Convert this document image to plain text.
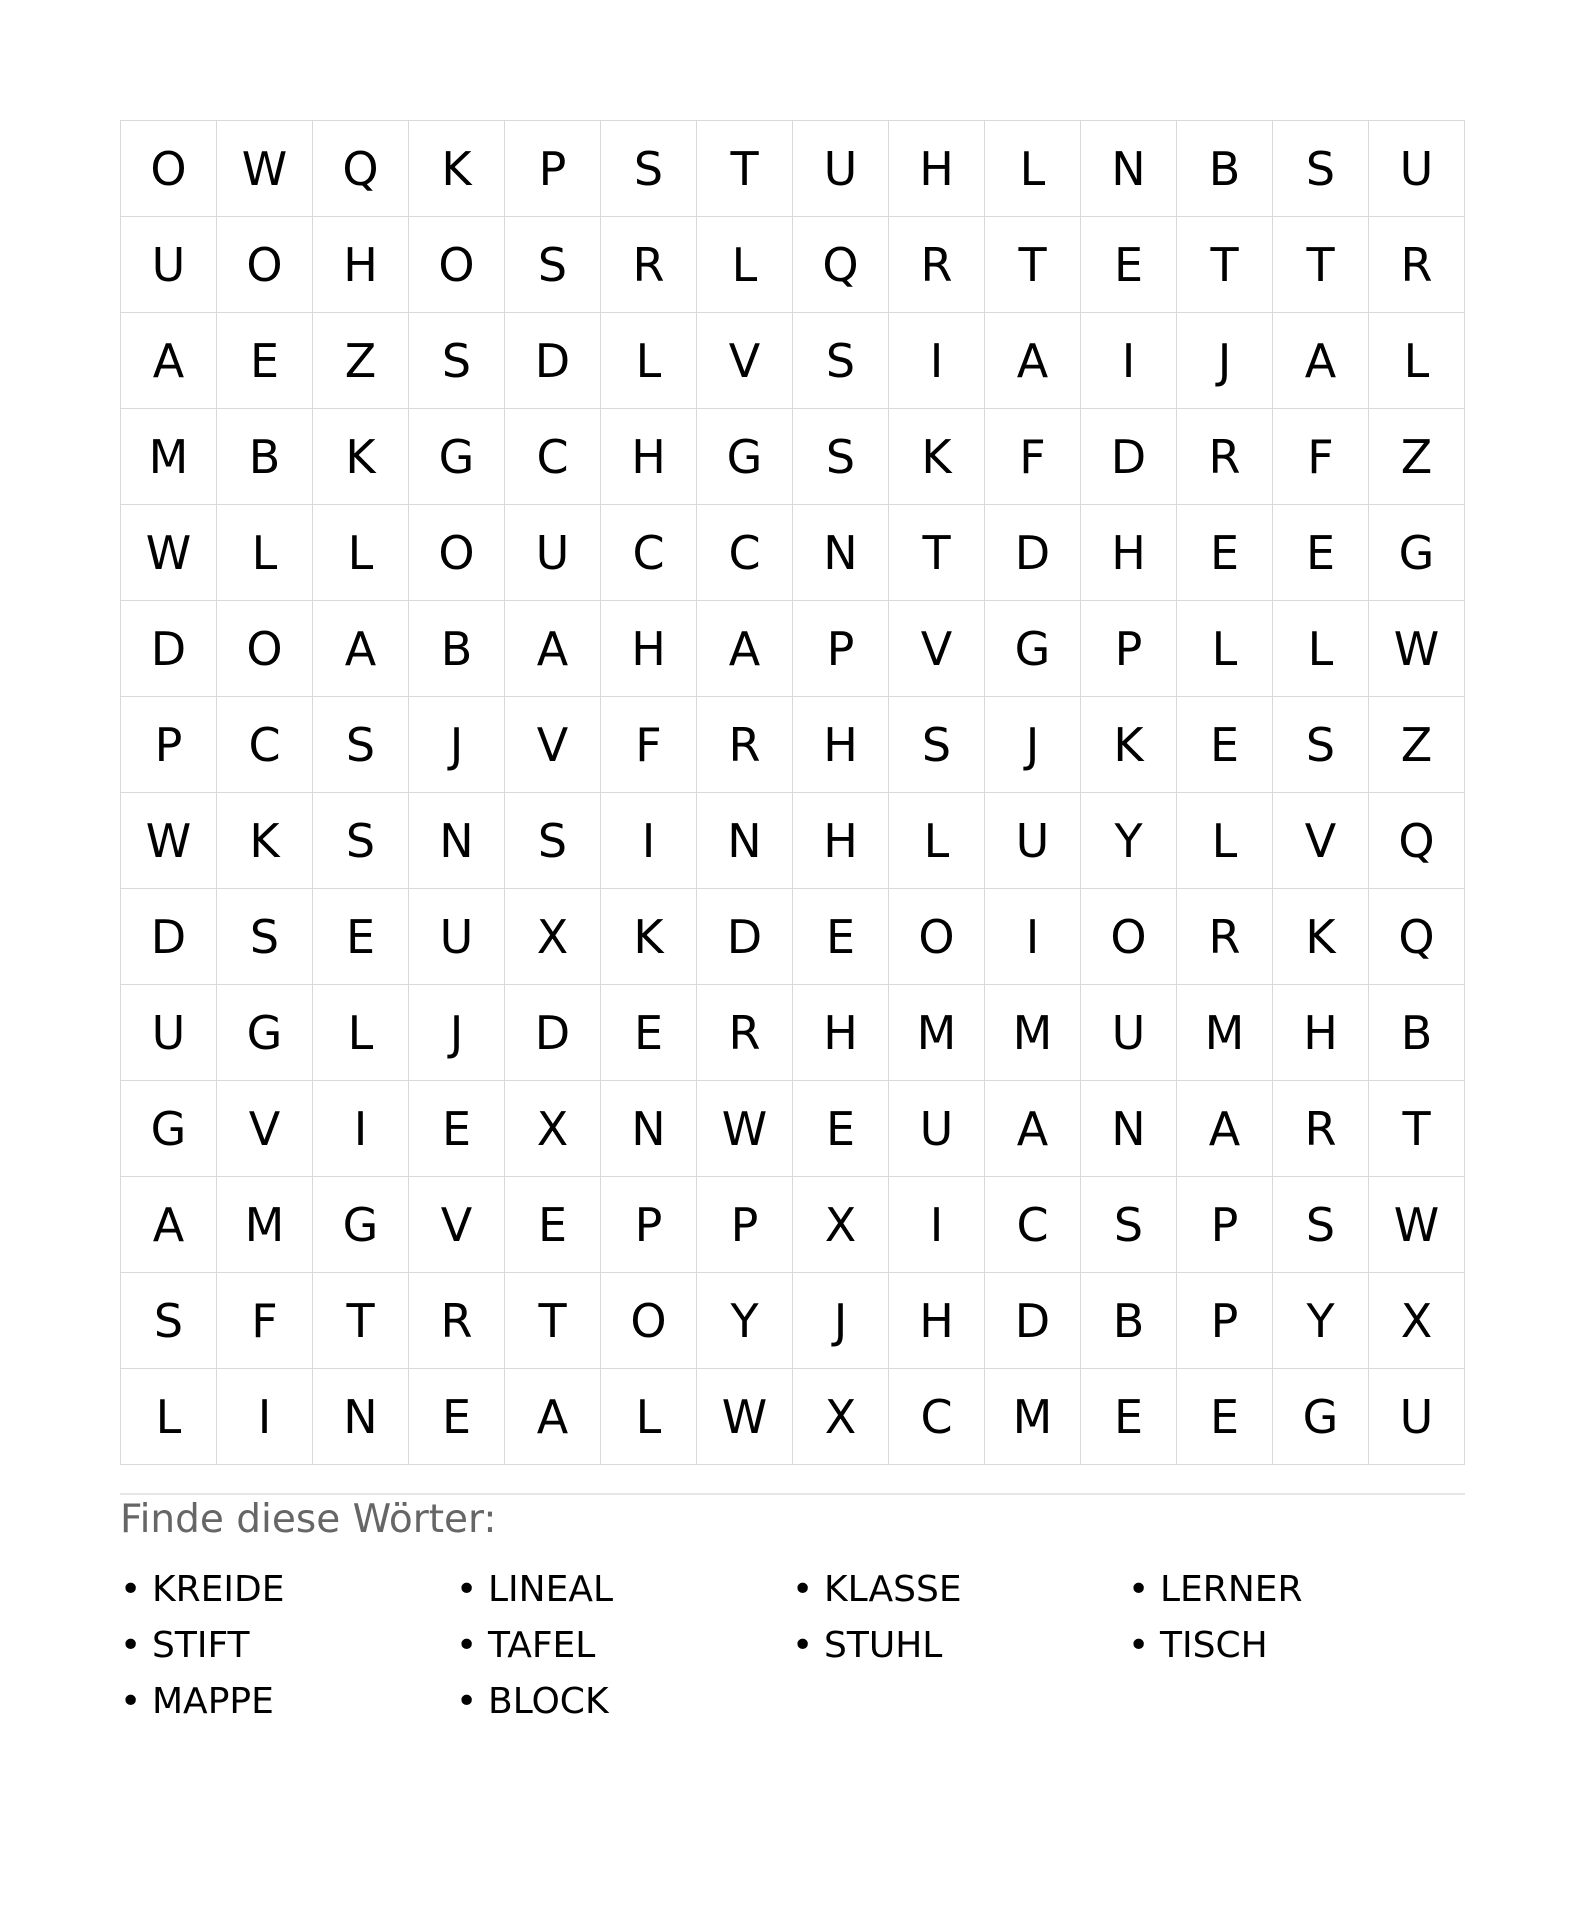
O	W	Q	K	P	S	T	U	H	L	N	B	S	U
U	O	H	O	S	R	L	Q	R	T	E	T	T	R
A	E	Z	S	D	L	V	S	I	A	I	J	A	L
M	B	K	G	C	H	G	S	K	F	D	R	F	Z
W	L	L	O	U	C	C	N	T	D	H	E	E	G
D	O	A	B	A	H	A	P	V	G	P	L	L	W
P	C	S	J	V	F	R	H	S	J	K	E	S	Z
W	K	S	N	S	I	N	H	L	U	Y	L	V	Q
D	S	E	U	X	K	D	E	O	I	O	R	K	Q
U	G	L	J	D	E	R	H	M	M	U	M	H	B
G	V	I	E	X	N	W	E	U	A	N	A	R	T
A	M	G	V	E	P	P	X	I	C	S	P	S	W
S	F	T	R	T	O	Y	J	H	D	B	P	Y	X
L	I	N	E	A	L	W	X	C	M	E	E	G	U
Finde diese Wörter:
• KREIDE	• LINEAL	• KLASSE	• LERNER
• STIFT	• TAFEL	• STUHL	• TISCH
• MAPPE	• BLOCK
